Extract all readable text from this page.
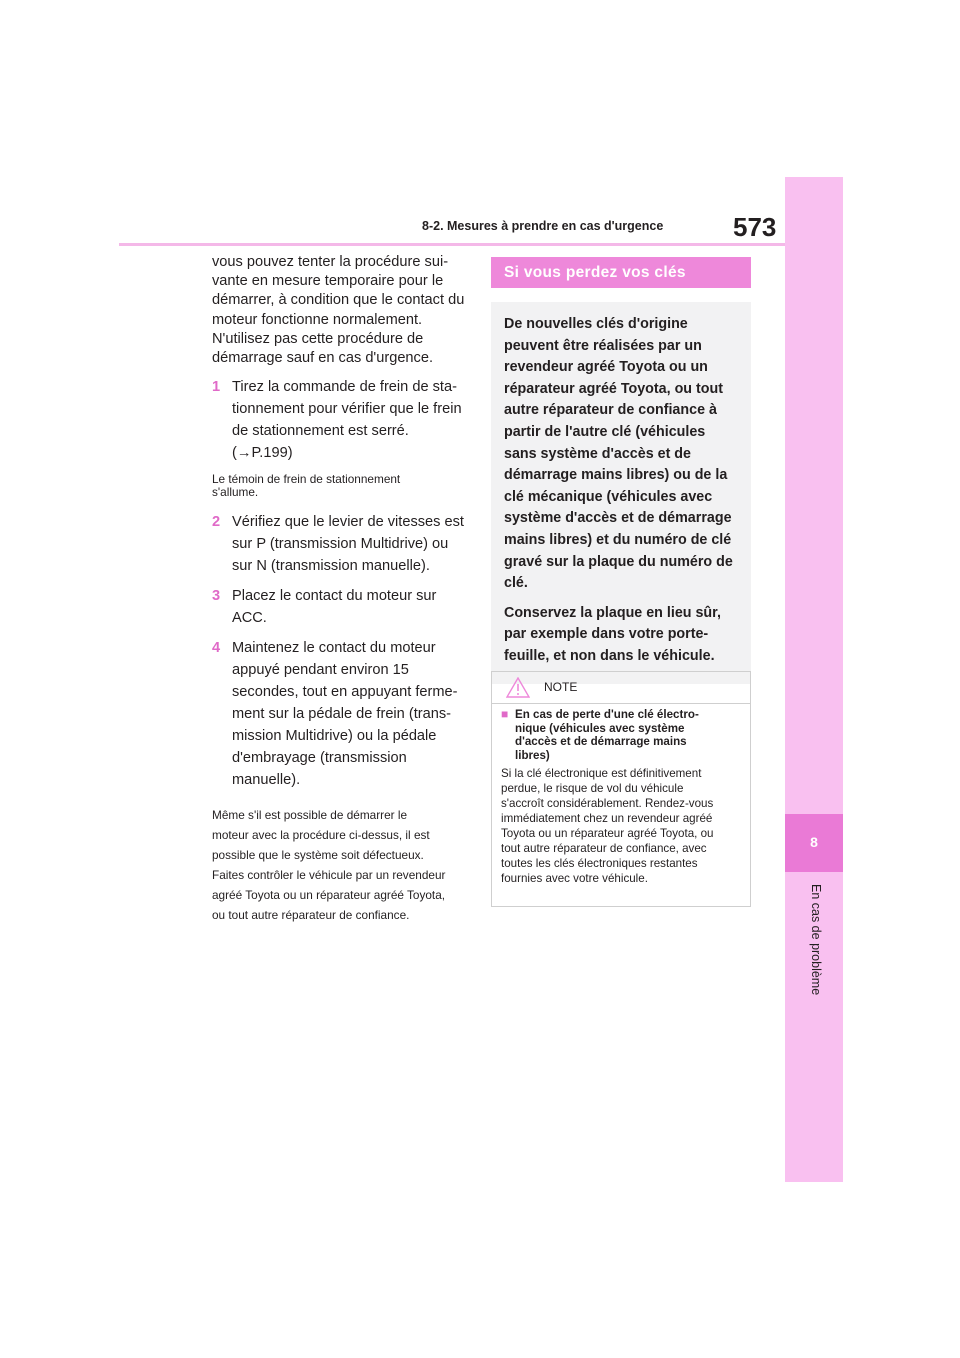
573
8-2. Mesures à prendre en cas d'urgence
8
En cas de problème
vous pouvez tenter la procédure sui-
vante en mesure temporaire pour le
démarrer, à condition que le contact du
moteur fonctionne normalement.
N'utilisez pas cette procédure de
démarrage sauf en cas d'urgence.
1 Tirez la commande de frein de sta-
tionnement pour vérifier que le frein
de stationnement est serré.
(→P.199)
Le témoin de frein de stationnement
s'allume.
2 Vérifiez que le levier de vitesses est
sur P (transmission Multidrive) ou
sur N (transmission manuelle).
3 Placez le contact du moteur sur
ACC.
4 Maintenez le contact du moteur
appuyé pendant environ 15
secondes, tout en appuyant ferme-
ment sur la pédale de frein (trans-
mission Multidrive) ou la pédale
d'embrayage (transmission
manuelle).
Même s'il est possible de démarrer le
moteur avec la procédure ci-dessus, il est
possible que le système soit défectueux.
Faites contrôler le véhicule par un revendeur
agréé Toyota ou un réparateur agréé Toyota,
ou tout autre réparateur de confiance.
Si vous perdez vos clés

De nouvelles clés d'origine
peuvent être réalisées par un
revendeur agréé Toyota ou un
réparateur agréé Toyota, ou tout
autre réparateur de confiance à
partir de l'autre clé (véhicules
sans système d'accès et de
démarrage mains libres) ou de la
clé mécanique (véhicules avec
système d'accès et de démarrage
mains libres) et du numéro de clé
gravé sur la plaque du numéro de
clé.

Conservez la plaque en lieu sûr,
par exemple dans votre porte-
feuille, et non dans le véhicule.

NOTE
■ En cas de perte d'une clé électro-
nique (véhicules avec système
d'accès et de démarrage mains
libres)
Si la clé électronique est définitivement
perdue, le risque de vol du véhicule
s'accroît considérablement. Rendez-vous
immédiatement chez un revendeur agréé
Toyota ou un réparateur agréé Toyota, ou
tout autre réparateur de confiance, avec
toutes les clés électroniques restantes
fournies avec votre véhicule.
